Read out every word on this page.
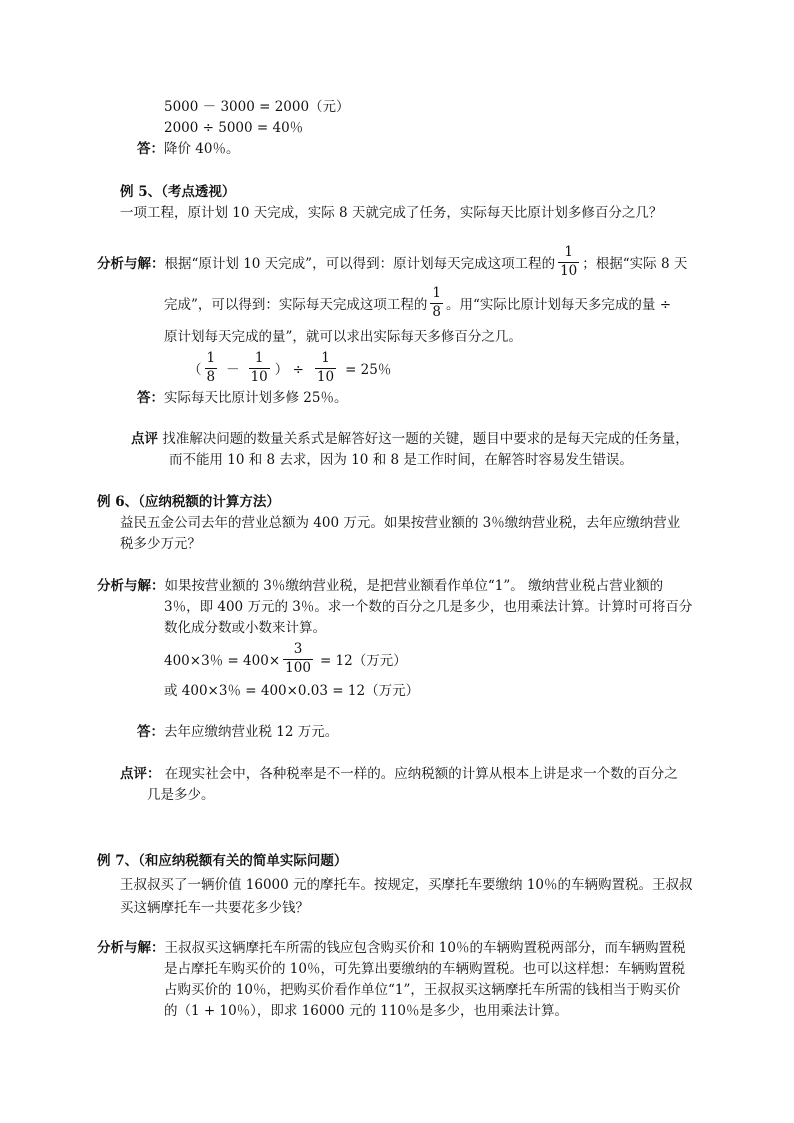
5000 － 3000 = 2000（元）
2000 ÷ 5000 = 40％
答：降价 40％。
例 5、（考点透视）
一项工程，原计划 10 天完成，实际 8 天就完成了任务，实际每天比原计划多修百分之几？
分析与解： 根据“原计划 10 天完成”，可以得到：原计划每天完成这项工程的 $\frac{1}{10}$ ；根据“实际 8 天
完成”，可以得到：实际每天完成这项工程的 $\frac{1}{8}$ 。用“实际比原计划每天多完成的量 ÷
原计划每天完成的量”，就可以求出实际每天多修百分之几。
（ $\frac{1}{8} - \frac{1}{10}$ ） ÷ $\frac{1}{10} = 25$％
答：实际每天比原计划多修 25％。
点评 找准解决问题的数量关系式是解答好这一题的关键，题目中要求的是每天完成的任务量，
而不能用 10 和 8 去求，因为 10 和 8 是工作时间，在解答时容易发生错误。
例 6、（应纳税额的计算方法）
益民五金公司去年的营业总额为 400 万元。如果按营业额的 3％缴纳营业税，去年应缴纳营业
税多少万元？
分析与解：如果按营业额的 3％缴纳营业税，是把营业额看作单位“1”。 缴纳营业税占营业额的
3％，即 400 万元的 3％。求一个数的百分之几是多少，也用乘法计算。计算时可将百分
数化成分数或小数来计算。
400×3％ = $400\times \frac{3}{100} = 12$（万元）
或 400×3％ = 400×0.03 = 12（万元）
答：去年应缴纳营业税 12 万元。
点评： 在现实社会中，各种税率是不一样的。应纳税额的计算从根本上讲是求一个数的百分之
几是多少。
例 7、（和应纳税额有关的简单实际问题）
王叔叔买了一辆价值 16000 元的摩托车。按规定，买摩托车要缴纳 10％的车辆购置税。王叔叔
买这辆摩托车一共要花多少钱？
分析与解：王叔叔买这辆摩托车所需的钱应包含购买价和 10％的车辆购置税两部分，而车辆购置税
是占摩托车购买价的 10％，可先算出要缴纳的车辆购置税。也可以这样想：车辆购置税
占购买价的 10％，把购买价看作单位“1”，王叔叔买这辆摩托车所需的钱相当于购买价
的（1 + 10％），即求 16000 元的 110％是多少，也用乘法计算。
